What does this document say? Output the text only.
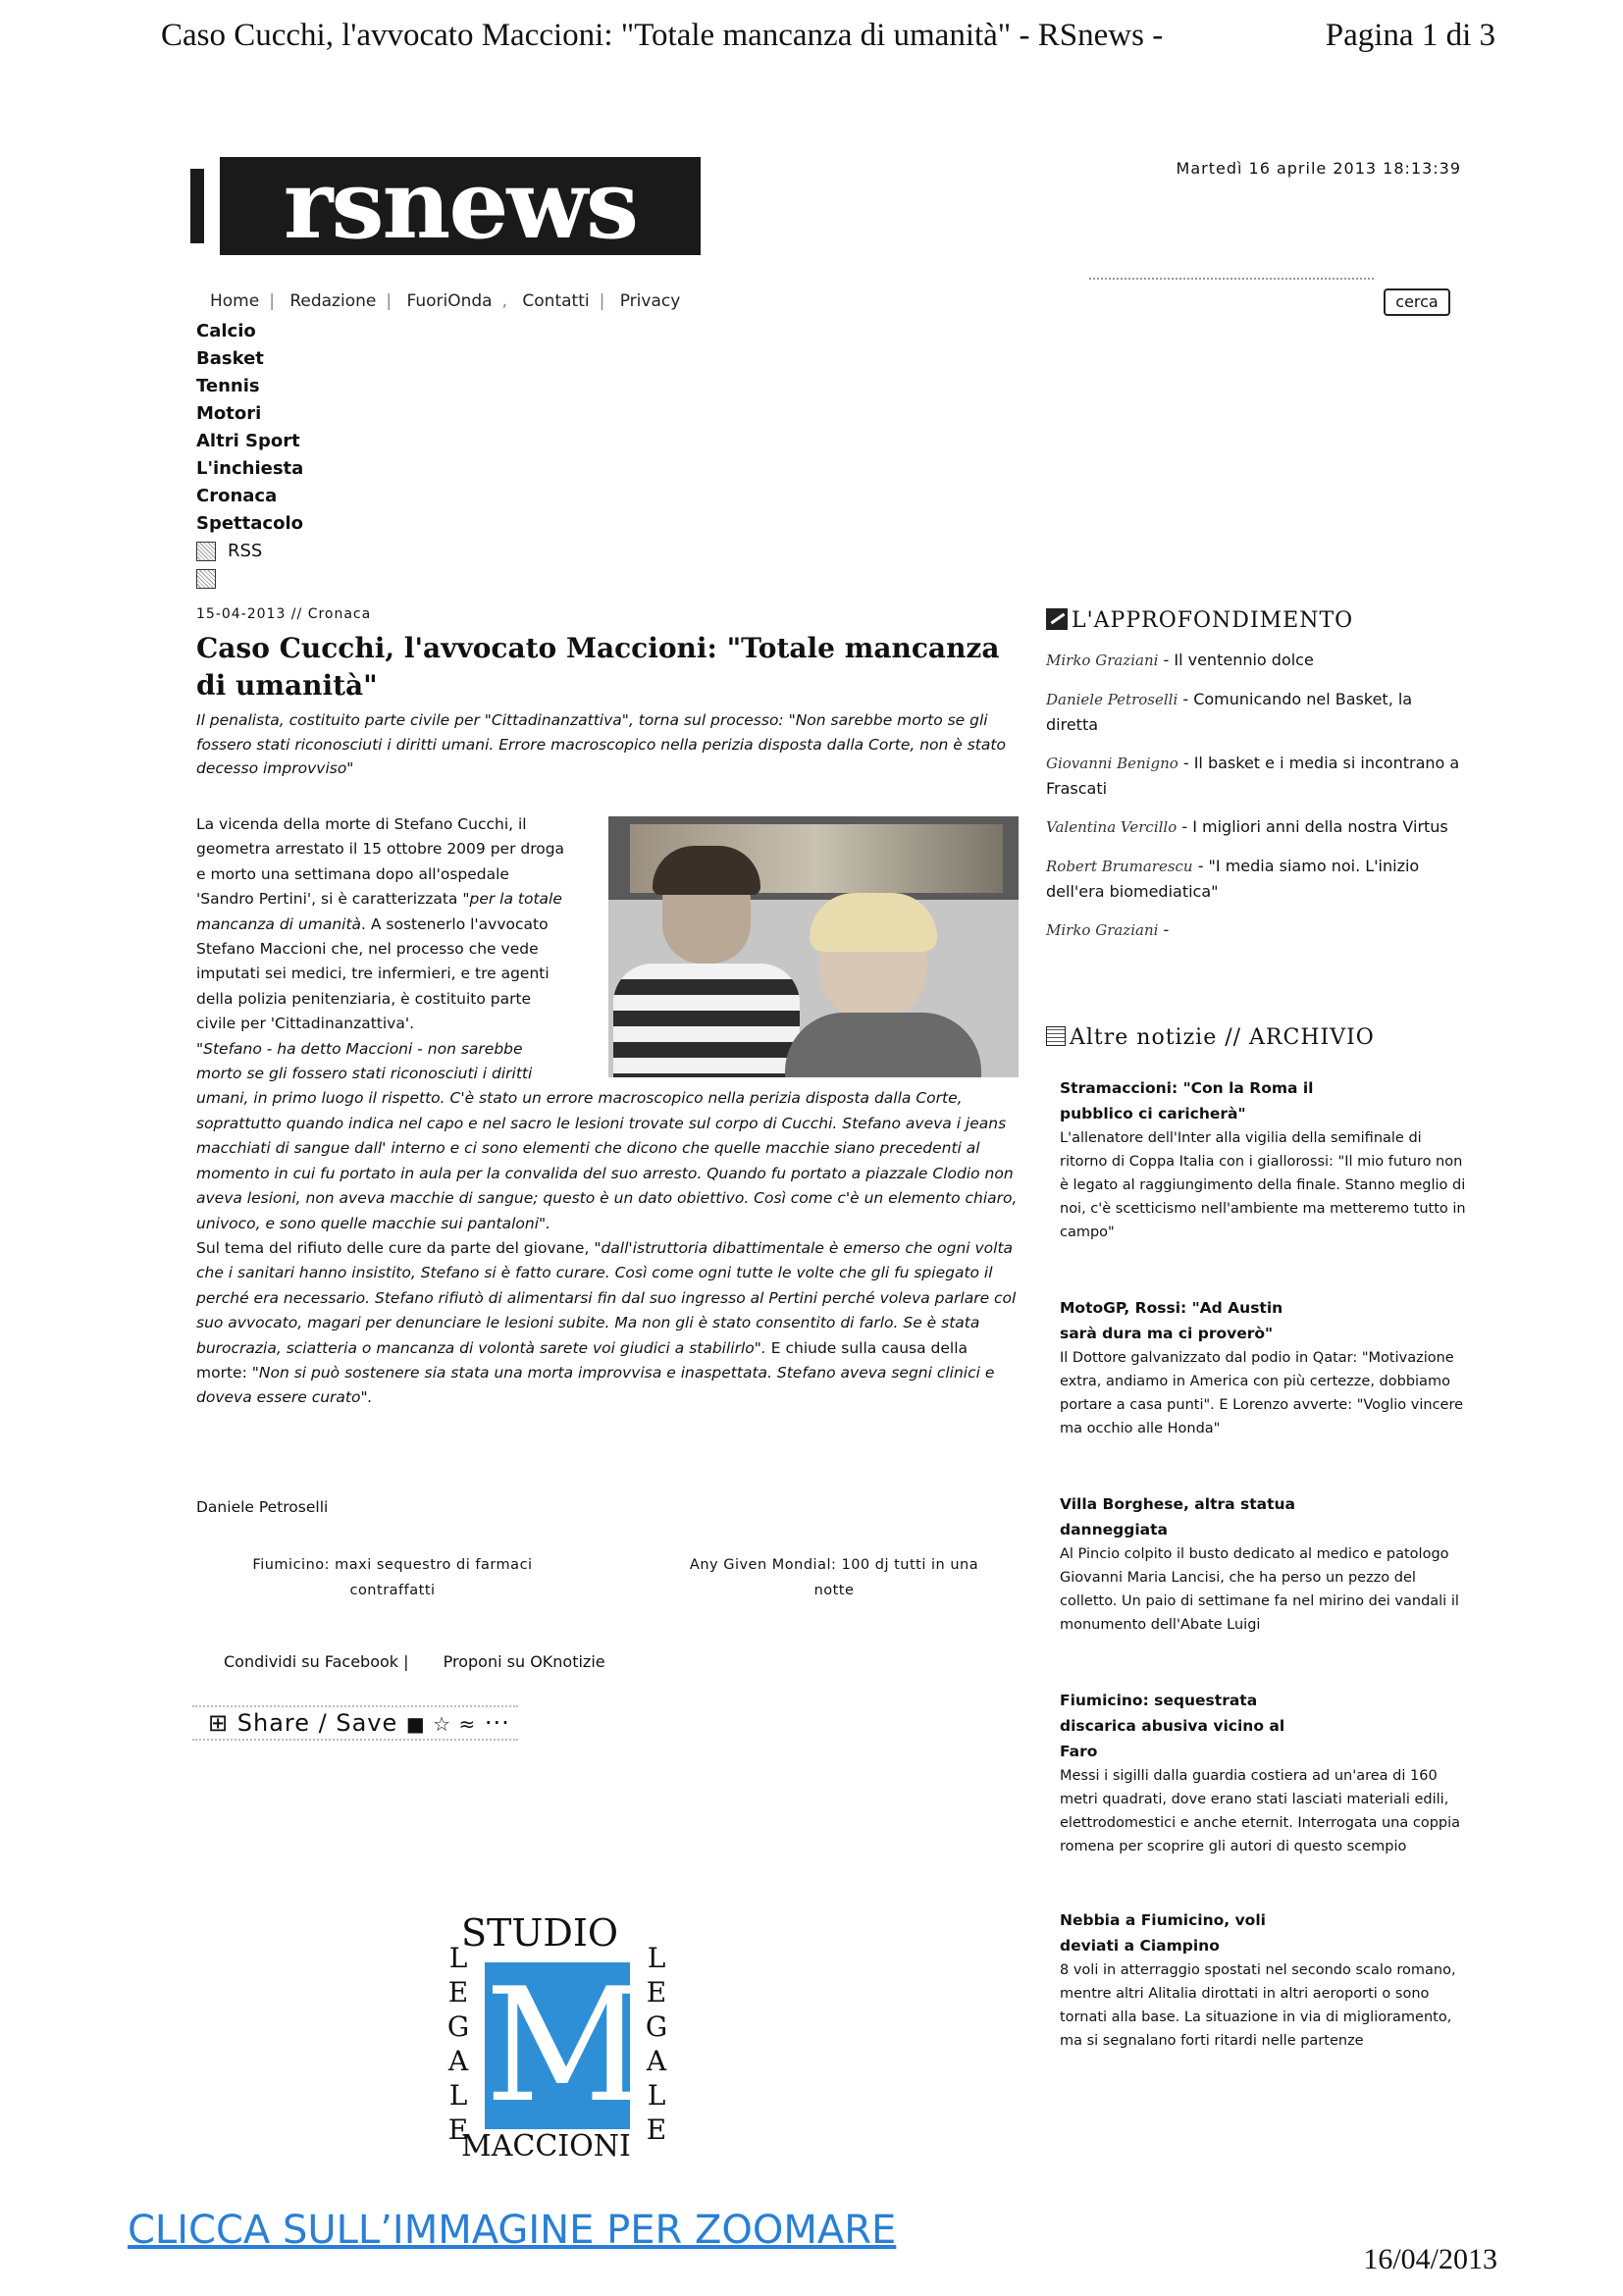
Caso Cucchi, l'avvocato Maccioni: "Totale mancanza di umanità" - RSnews -	Pagina 1 di 3
rsnews	Martedì 16 aprile 2013 18:13:39
Home | Redazione | FuoriOnda , Contatti | Privacy	cerca
Calcio
Basket
Tennis
Motori
Altri Sport
L'inchiesta
Cronaca
Spettacolo
RSS
15-04-2013 // Cronaca
Caso Cucchi, l'avvocato Maccioni: "Totale mancanza di umanità"
Il penalista, costituito parte civile per "Cittadinanzattiva", torna sul processo: "Non sarebbe morto se gli fossero stati riconosciuti i diritti umani. Errore macroscopico nella perizia disposta dalla Corte, non è stato decesso improvviso"

La vicenda della morte di Stefano Cucchi, il

geometra arrestato il 15 ottobre 2009 per droga

e morto una settimana dopo all'ospedale

'Sandro Pertini', si è caratterizzata "per la totale

mancanza di umanità. A sostenerlo l'avvocato

Stefano Maccioni che, nel processo che vede

imputati sei medici, tre infermieri, e tre agenti

della polizia penitenziaria, è costituito parte

civile per 'Cittadinanzattiva'.

"Stefano - ha detto Maccioni - non sarebbe

morto se gli fossero stati riconosciuti i diritti

umani, in primo luogo il rispetto. C'è stato un errore macroscopico nella perizia disposta dalla Corte, soprattutto quando indica nel capo e nel sacro le lesioni trovate sul corpo di Cucchi. Stefano aveva i jeans macchiati di sangue dall' interno e ci sono elementi che dicono che quelle macchie siano precedenti al momento in cui fu portato in aula per la convalida del suo arresto. Quando fu portato a piazzale Clodio non aveva lesioni, non aveva macchie di sangue; questo è un dato obiettivo. Così come c'è un elemento chiaro, univoco, e sono quelle macchie sui pantaloni".

Sul tema del rifiuto delle cure da parte del giovane, "dall'istruttoria dibattimentale è emerso che ogni volta che i sanitari hanno insistito, Stefano si è fatto curare. Così come ogni tutte le volte che gli fu spiegato il perché era necessario. Stefano rifiutò di alimentarsi fin dal suo ingresso al Pertini perché voleva parlare col suo avvocato, magari per denunciare le lesioni subite. Ma non gli è stato consentito di farlo. Se è stata burocrazia, sciatteria o mancanza di volontà sarete voi giudici a stabilirlo". E chiude sulla causa della morte: "Non si può sostenere sia stata una morta improvvisa e inaspettata. Stefano aveva segni clinici e doveva essere curato".

Daniele Petroselli
Fiumicino: maxi sequestro di farmaci contraffatti
Any Given Mondial: 100 dj tutti in una notte
Condividi su Facebook | Proponi su OKnotizie
⊞ Share / Save ■ ☆ ≈ ···
STUDIO
L
E
G
A
L
E
L
E
G
A
L
E
M
MACCIONI
CLICCA SULL’IMMAGINE PER ZOOMARE
16/04/2013
L'APPROFONDIMENTO
Mirko Graziani - Il ventennio dolce
Daniele Petroselli - Comunicando nel Basket, la diretta
Giovanni Benigno - Il basket e i media si incontrano a Frascati
Valentina Vercillo - I migliori anni della nostra Virtus
Robert Brumarescu - "I media siamo noi. L'inizio dell'era biomediatica"
Mirko Graziani -
Altre notizie // ARCHIVIO
Stramaccioni: "Con la Roma il pubblico ci caricherà"
L'allenatore dell'Inter alla vigilia della semifinale di ritorno di Coppa Italia con i giallorossi: "Il mio futuro non è legato al raggiungimento della finale. Stanno meglio di noi, c'è scetticismo nell'ambiente ma metteremo tutto in campo"
MotoGP, Rossi: "Ad Austin sarà dura ma ci proverò"
Il Dottore galvanizzato dal podio in Qatar: "Motivazione extra, andiamo in America con più certezze, dobbiamo portare a casa punti". E Lorenzo avverte: "Voglio vincere ma occhio alle Honda"
Villa Borghese, altra statua danneggiata
Al Pincio colpito il busto dedicato al medico e patologo Giovanni Maria Lancisi, che ha perso un pezzo del colletto. Un paio di settimane fa nel mirino dei vandali il monumento dell'Abate Luigi
Fiumicino: sequestrata discarica abusiva vicino al Faro
Messi i sigilli dalla guardia costiera ad un'area di 160 metri quadrati, dove erano stati lasciati materiali edili, elettrodomestici e anche eternit. Interrogata una coppia romena per scoprire gli autori di questo scempio
Nebbia a Fiumicino, voli deviati a Ciampino
8 voli in atterraggio spostati nel secondo scalo romano, mentre altri Alitalia dirottati in altri aeroporti o sono tornati alla base. La situazione in via di miglioramento, ma si segnalano forti ritardi nelle partenze
